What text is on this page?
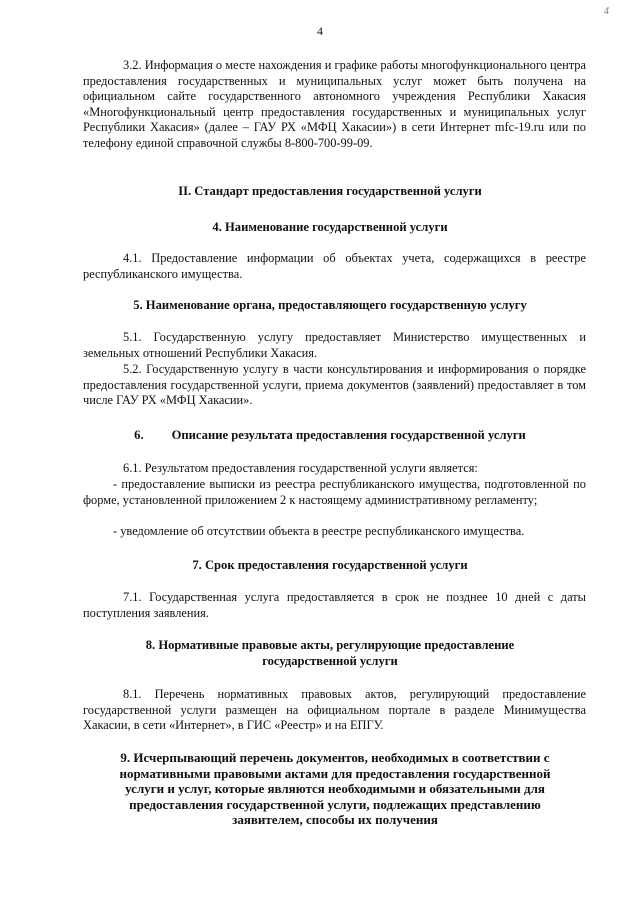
4
4

3.2. Информация о месте нахождения и графике работы многофункционального центра предоставления государственных и муниципальных услуг может быть получена на официальном сайте государственного автономного учреждения Республики Хакасия «Многофункциональный центр предоставления государственных и муниципальных услуг Республики Хакасия» (далее – ГАУ РХ «МФЦ Хакасии») в сети Интернет mfc-19.ru или по телефону единой справочной службы 8-800-700-99-09.

II. Стандарт предоставления государственной услуги

4. Наименование государственной услуги

4.1. Предоставление информации об объектах учета, содержащихся в реестре республиканского имущества.

5. Наименование органа, предоставляющего государственную услугу

5.1. Государственную услугу предоставляет Министерство имущественных и земельных отношений Республики Хакасия.

5.2. Государственную услугу в части консультирования и информирования о порядке предоставления государственной услуги, приема документов (заявлений) предоставляет в том числе ГАУ РХ «МФЦ Хакасии».

6. Описание результата предоставления государственной услуги

6.1. Результатом предоставления государственной услуги является:

- предоставление выписки из реестра республиканского имущества, подготовленной по форме, установленной приложением 2 к настоящему административному регламенту;

- уведомление об отсутствии объекта в реестре республиканского имущества.

7. Срок предоставления государственной услуги

7.1. Государственная услуга предоставляется в срок не позднее 10 дней с даты поступления заявления.

8. Нормативные правовые акты, регулирующие предоставление

государственной услуги

8.1. Перечень нормативных правовых актов, регулирующий предоставление государственной услуги размещен на официальном портале в разделе Минимущества Хакасии, в сети «Интернет», в ГИС «Реестр» и на ЕПГУ.

9. Исчерпывающий перечень документов, необходимых в соответствии с нормативными правовыми актами для предоставления государственной услуги и услуг, которые являются необходимыми и обязательными для предоставления государственной услуги, подлежащих представлению заявителем, способы их получения
